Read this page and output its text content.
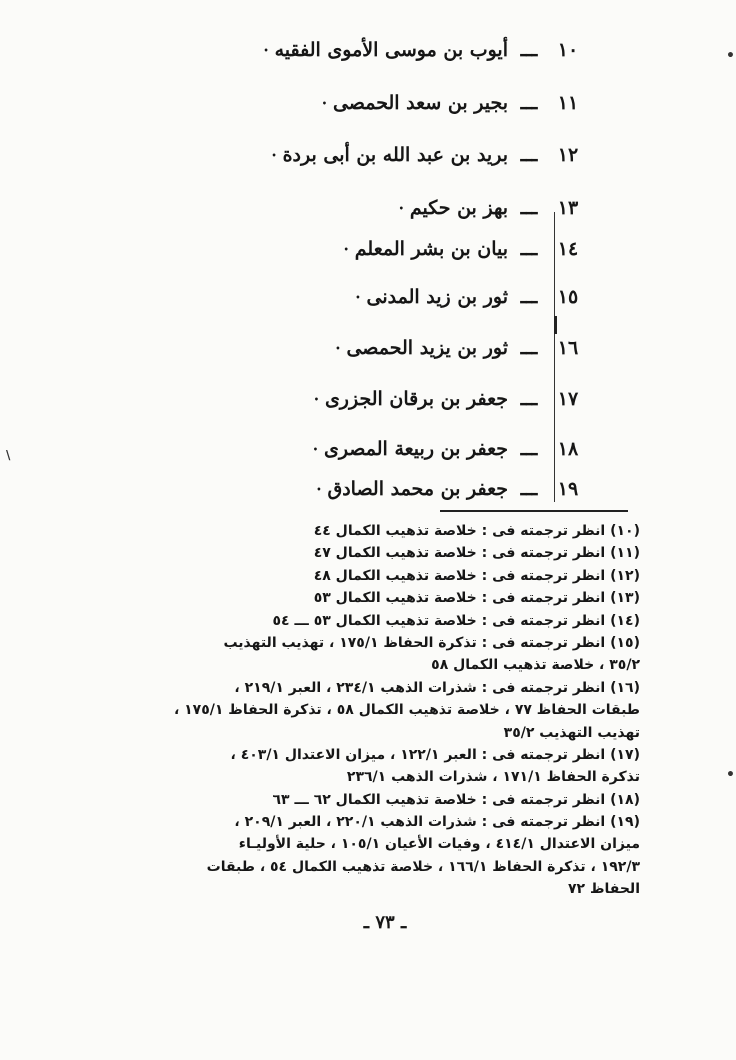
١٠
ـــ
أيوب بن موسى الأموى الفقيه
•
١١
ـــ
بجير بن سعد الحمصى
•
١٢
ـــ
بريد بن عبد الله بن أبى بردة
•
١٣
ـــ
بهز بن حكيم
•
١٤
ـــ
بيان بن بشر المعلم
•
١٥
ـــ
ثور بن زيد المدنى
•
١٦
ـــ
ثور بن يزيد الحمصى
•
١٧
ـــ
جعفر بن برقان الجزرى
•
١٨
ـــ
جعفر بن ربيعة المصرى
•
١٩
ـــ
جعفر بن محمد الصادق
•
(١٠) انظر ترجمته فى : خلاصة تذهيب الكمال ٤٤
(١١) انظر ترجمته فى : خلاصة تذهيب الكمال ٤٧
(١٢) انظر ترجمته فى : خلاصة تذهيب الكمال ٤٨
(١٣) انظر ترجمته فى : خلاصة تذهيب الكمال ٥٣
(١٤) انظر ترجمته فى : خلاصة تذهيب الكمال ٥٣ ـــ ٥٤
(١٥) انظر ترجمته فى : تذكرة الحفاظ ١٧٥/١ ، تهذيب التهذيب
٣٥/٢ ، خلاصة تذهيب الكمال ٥٨
(١٦) انظر ترجمته فى : شذرات الذهب ٢٣٤/١ ، العبر ٢١٩/١ ،
طبقات الحفاظ ٧٧ ، خلاصة تذهيب الكمال ٥٨ ، تذكرة الحفاظ ١٧٥/١ ،
تهذيب التهذيب ٣٥/٢
(١٧) انظر ترجمته فى : العبر ١٢٢/١ ، ميزان الاعتدال ٤٠٣/١ ،
تذكرة الحفاظ ١٧١/١ ، شذرات الذهب ٢٣٦/١
(١٨) انظر ترجمته فى : خلاصة تذهيب الكمال ٦٢ ـــ ٦٣
(١٩) انظر ترجمته فى : شذرات الذهب ٢٢٠/١ ، العبر ٢٠٩/١ ،
ميزان الاعتدال ٤١٤/١ ، وفيات الأعيان ١٠٥/١ ، حلية الأوليـاء
١٩٢/٣ ، تذكرة الحفاظ ١٦٦/١ ، خلاصة تذهيب الكمال ٥٤ ، طبقات
الحفاظ ٧٢
ـ ٧٣ ـ
•
•
\
